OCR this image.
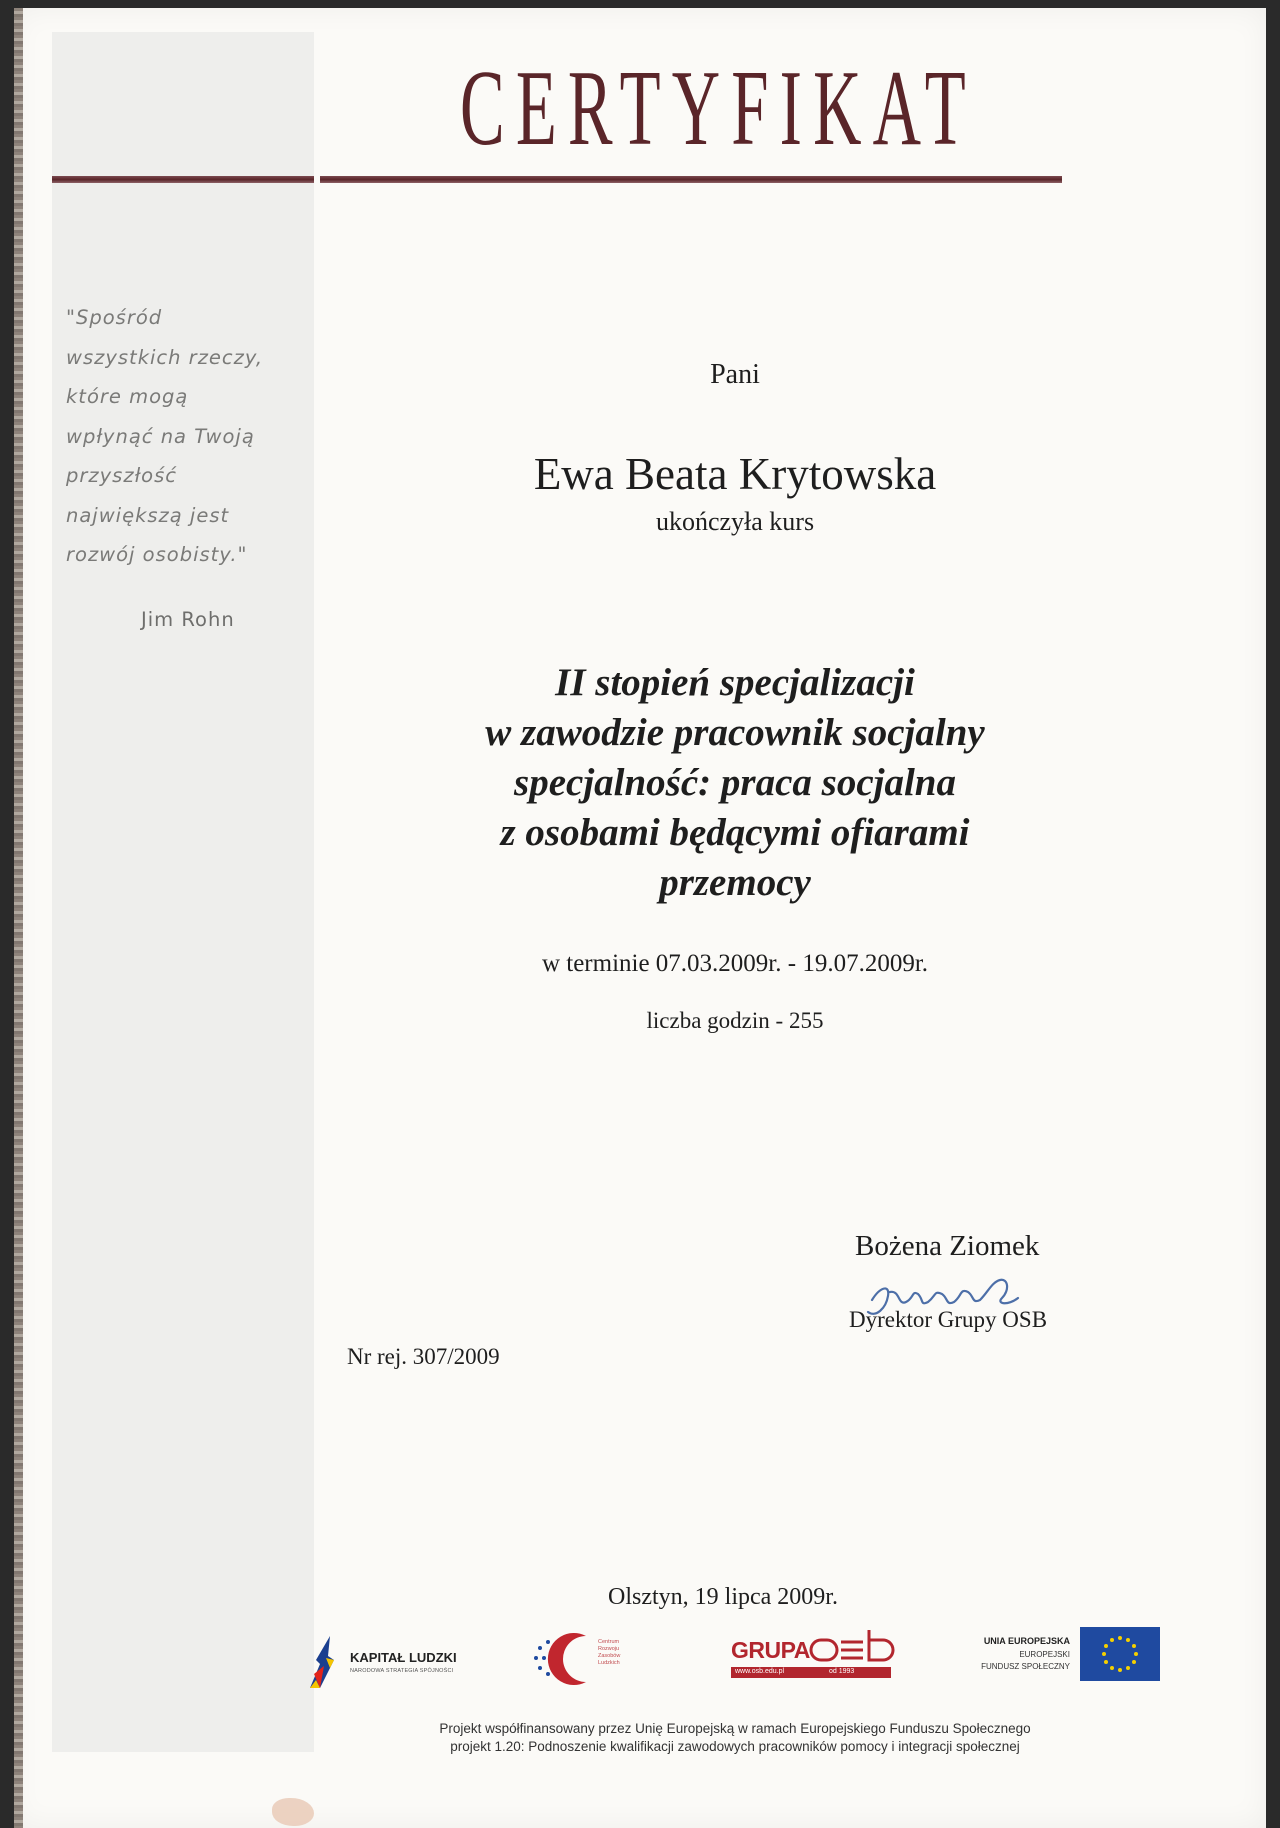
CERTYFIKAT
"Spośród
wszystkich rzeczy,
które mogą
wpłynąć na Twoją
przyszłość
największą jest
rozwój osobisty."
Jim Rohn
Pani
Ewa Beata Krytowska
ukończyła kurs
II stopień specjalizacji
w zawodzie pracownik socjalny
specjalność: praca socjalna
z osobami będącymi ofiarami
przemocy
w terminie 07.03.2009r. - 19.07.2009r.
liczba godzin - 255
Bożena Ziomek
Dyrektor Grupy OSB
Nr rej. 307/2009
Olsztyn, 19 lipca 2009r.
KAPITAŁ LUDZKI
NARODOWA STRATEGIA SPÓJNOŚCI
Centrum
Rozwoju
Zasobów
Ludzkich	GRUPA
www.osb.edu.pl	od 1993
UNIA EUROPEJSKA
EUROPEJSKI
FUNDUSZ SPOŁECZNY
Projekt współfinansowany przez Unię Europejską w ramach Europejskiego Funduszu Społecznego
projekt 1.20: Podnoszenie kwalifikacji zawodowych pracowników pomocy i integracji społecznej
